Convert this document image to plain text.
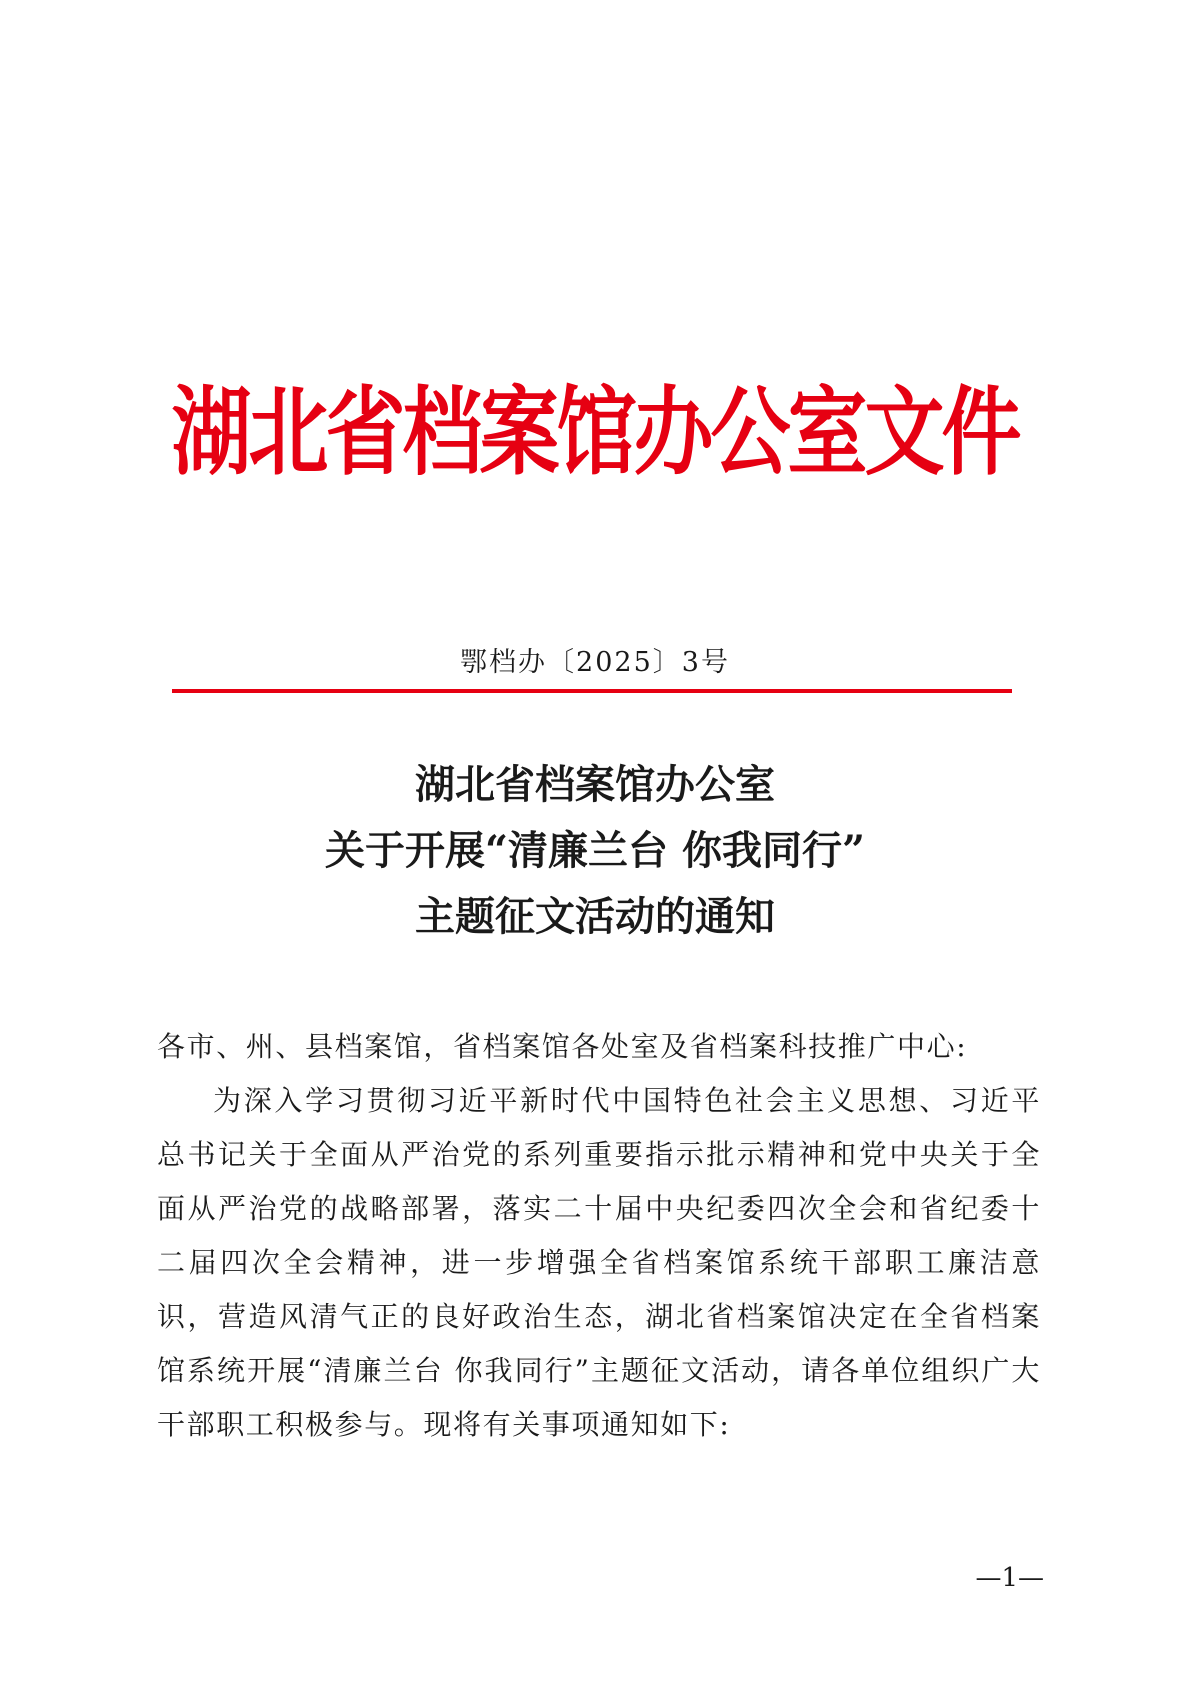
湖北省档案馆办公室文件
鄂档办〔2025〕3号
湖北省档案馆办公室
关于开展“清廉兰台 你我同行”
主题征文活动的通知

各市、州、县档案馆，省档案馆各处室及省档案科技推广中心:

为深入学习贯彻习近平新时代中国特色社会主义思想、习近平总书记关于全面从严治党的系列重要指示批示精神和党中央关于全面从严治党的战略部署，落实二十届中央纪委四次全会和省纪委十二届四次全会精神，进一步增强全省档案馆系统干部职工廉洁意识，营造风清气正的良好政治生态，湖北省档案馆决定在全省档案馆系统开展“清廉兰台 你我同行”主题征文活动，请各单位组织广大干部职工积极参与。现将有关事项通知如下:

—1—
